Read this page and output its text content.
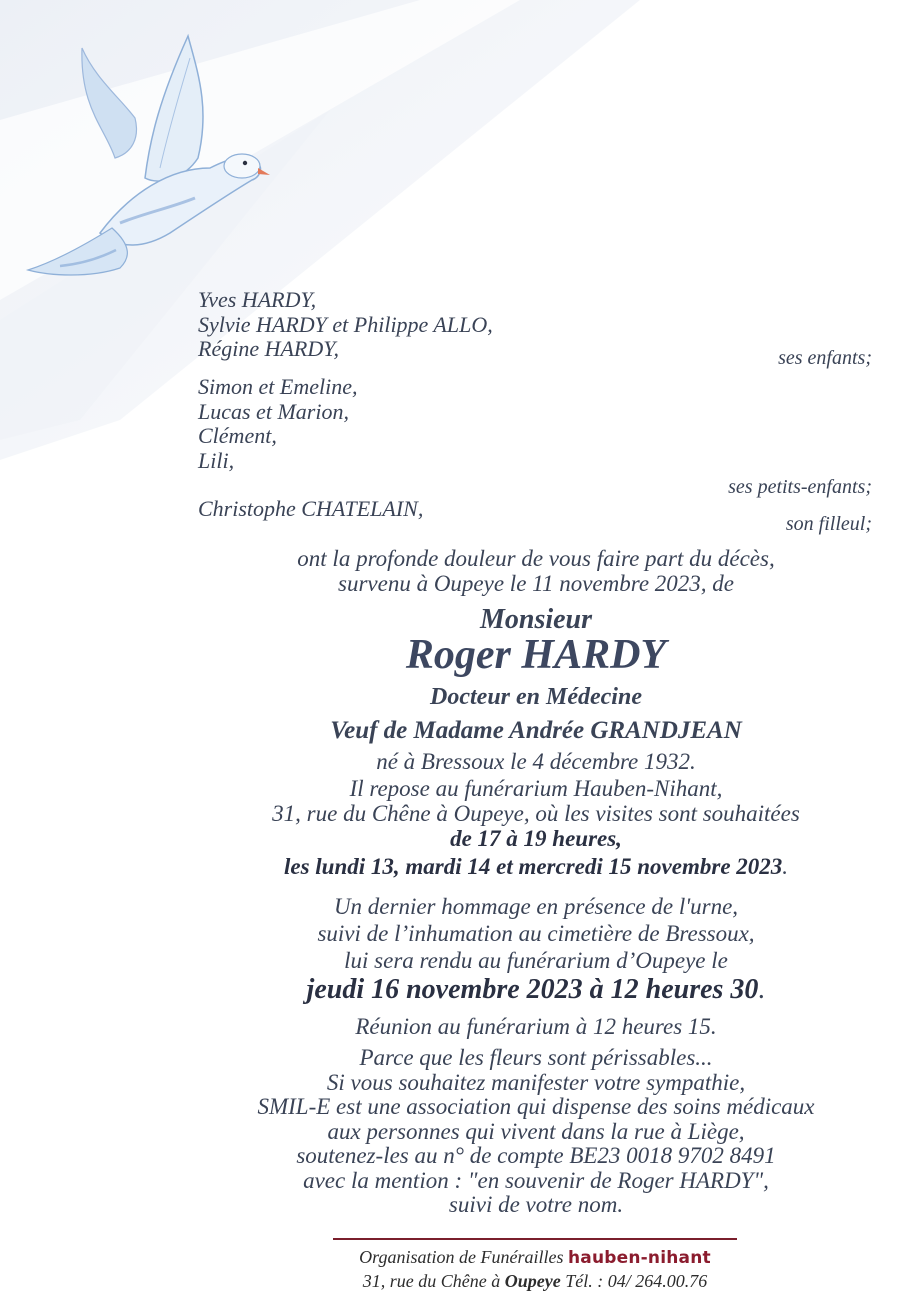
Yves HARDY,
Sylvie HARDY et Philippe ALLO,
Régine HARDY,	ses enfants;
Simon et Emeline,
Lucas et Marion,
Clément,
Lili,
ses petits-enfants;
Christophe CHATELAIN,
son filleul;
ont la profonde douleur de vous faire part du décès,
survenu à Oupeye le 11 novembre 2023, de
Monsieur
Roger HARDY
Docteur en Médecine
Veuf de Madame Andrée GRANDJEAN
né à Bressoux le 4 décembre 1932.
Il repose au funérarium Hauben-Nihant,
31, rue du Chêne à Oupeye, où les visites sont souhaitées
de 17 à 19 heures,
les lundi 13, mardi 14 et mercredi 15 novembre 2023.
Un dernier hommage en présence de l'urne,
suivi de l’inhumation au cimetière de Bressoux,
lui sera rendu au funérarium d’Oupeye le
jeudi 16 novembre 2023 à 12 heures 30.
Réunion au funérarium à 12 heures 15.
Parce que les fleurs sont périssables...
Si vous souhaitez manifester votre sympathie,
SMIL-E est une association qui dispense des soins médicaux
aux personnes qui vivent dans la rue à Liège,
soutenez-les au n° de compte BE23 0018 9702 8491
avec la mention : "en souvenir de Roger HARDY",
suivi de votre nom.
Organisation de Funérailles hauben-nihant
31, rue du Chêne à Oupeye Tél. : 04/ 264.00.76
